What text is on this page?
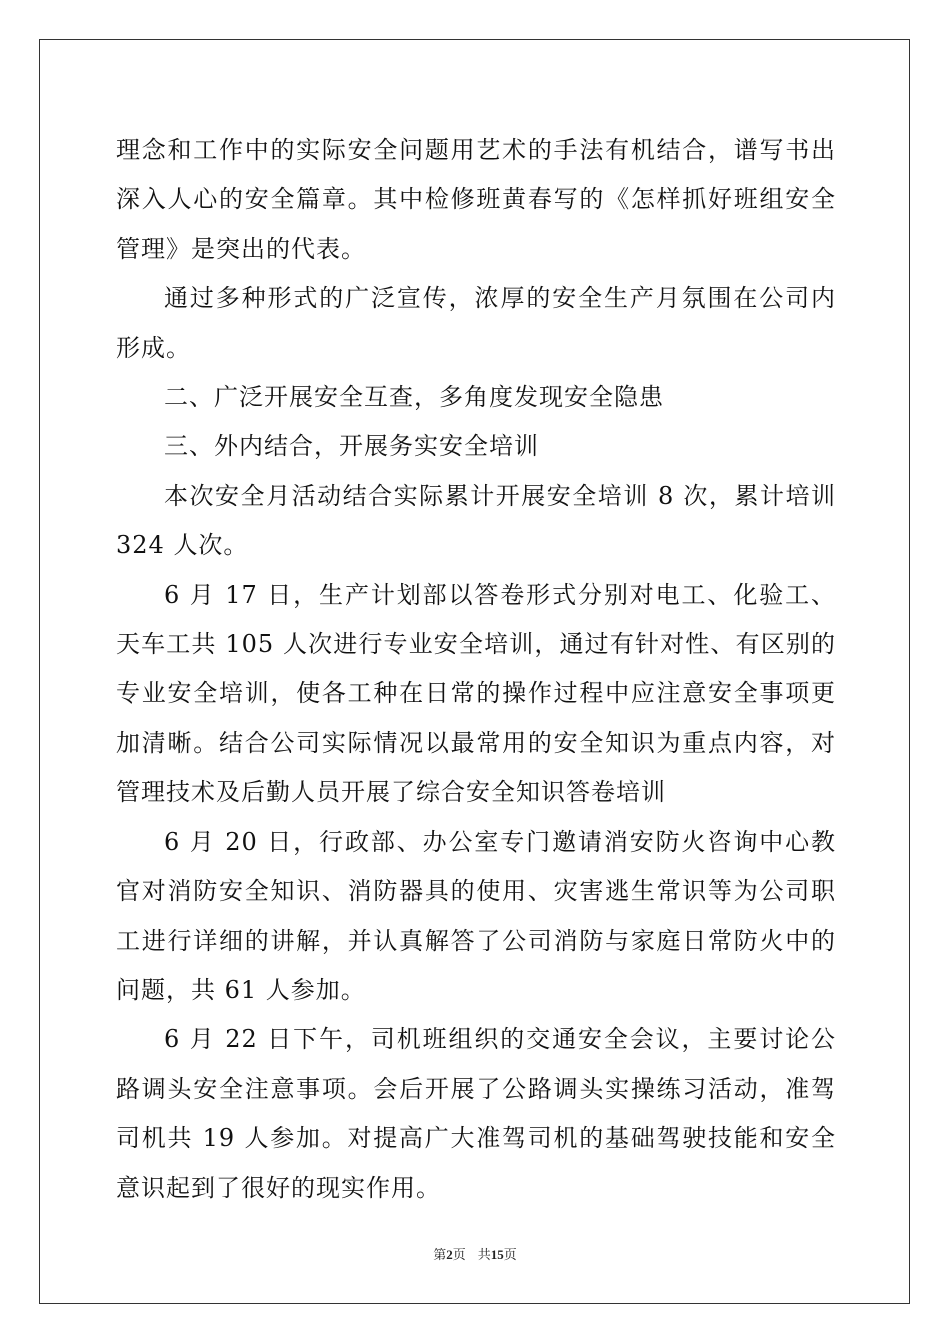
理念和工作中的实际安全问题用艺术的手法有机结合，谱写书出深入人心的安全篇章。其中检修班黄春写的《怎样抓好班组安全管理》是突出的代表。

通过多种形式的广泛宣传，浓厚的安全生产月氛围在公司内形成。

二、广泛开展安全互查，多角度发现安全隐患

三、外内结合，开展务实安全培训

本次安全月活动结合实际累计开展安全培训 8 次，累计培训 324 人次。

6 月 17 日，生产计划部以答卷形式分别对电工、化验工、天车工共 105 人次进行专业安全培训，通过有针对性、有区别的专业安全培训，使各工种在日常的操作过程中应注意安全事项更加清晰。结合公司实际情况以最常用的安全知识为重点内容，对管理技术及后勤人员开展了综合安全知识答卷培训

6 月 20 日，行政部、办公室专门邀请消安防火咨询中心教官对消防安全知识、消防器具的使用、灾害逃生常识等为公司职工进行详细的讲解，并认真解答了公司消防与家庭日常防火中的问题，共 61 人参加。

6 月 22 日下午，司机班组织的交通安全会议，主要讨论公路调头安全注意事项。会后开展了公路调头实操练习活动，准驾司机共 19 人参加。对提高广大准驾司机的基础驾驶技能和安全意识起到了很好的现实作用。

第2页 共15页
